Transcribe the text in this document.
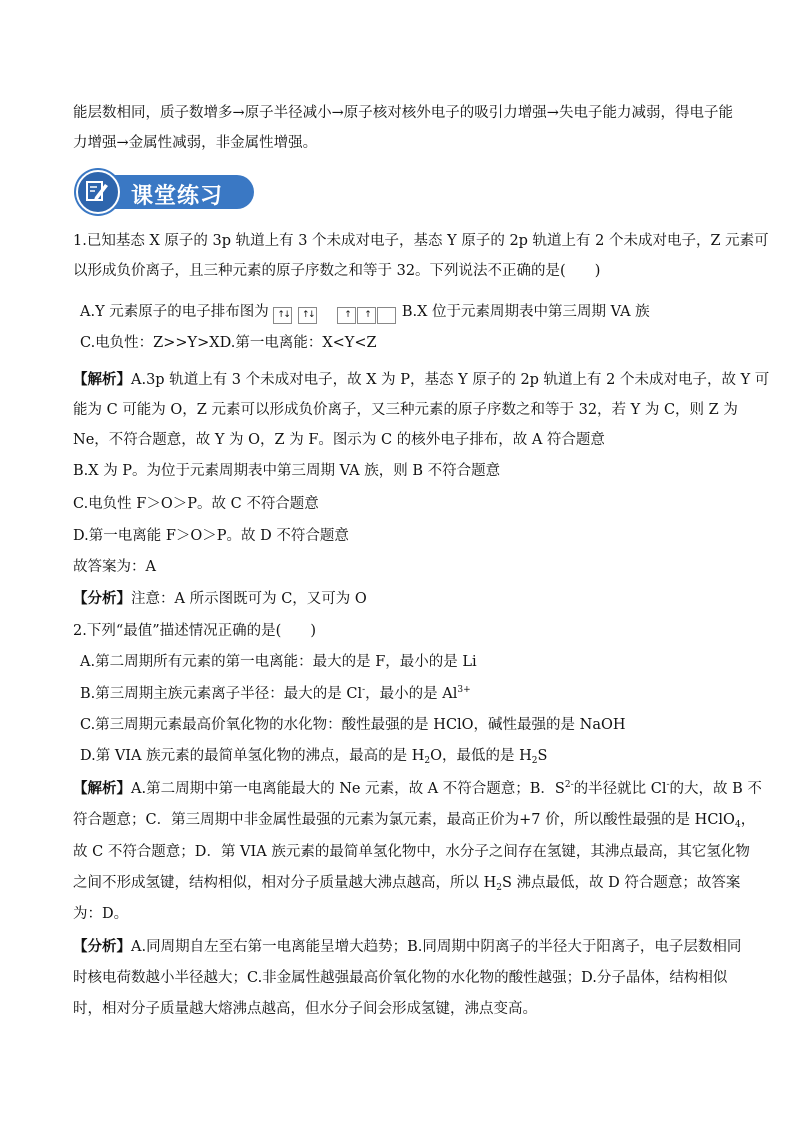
能层数相同，质子数增多→原子半径减小→原子核对核外电子的吸引力增强→失电子能力减弱，得电子能
力增强→金属性减弱，非金属性增强。
课堂练习
1.已知基态 X 原子的 3p 轨道上有 3 个未成对电子，基态 Y 原子的 2p 轨道上有 2 个未成对电子，Z 元素可
以形成负价离子，且三种元素的原子序数之和等于 32。下列说法不正确的是(　　)
A.Y 元素原子的电子排布图为 ↑
↓
↑
↓
	↑ ↑ B.X 位于元素周期表中第三周期 VA 族
C.电负性：Z>>Y>XD.第一电离能：X<Y<Z
【解析】A.3p 轨道上有 3 个未成对电子，故 X 为 P，基态 Y 原子的 2p 轨道上有 2 个未成对电子，故 Y 可
能为 C 可能为 O，Z 元素可以形成负价离子，又三种元素的原子序数之和等于 32，若 Y 为 C，则 Z 为
Ne，不符合题意，故 Y 为 O，Z 为 F。图示为 C 的核外电子排布，故 A 符合题意
B.X 为 P。为位于元素周期表中第三周期 VA 族，则 B 不符合题意
C.电负性 F＞O＞P。故 C 不符合题意
D.第一电离能 F＞O＞P。故 D 不符合题意
故答案为：A
【分析】注意：A 所示图既可为 C，又可为 O
2.下列“最值”描述情况正确的是(　　)
A.第二周期所有元素的第一电离能：最大的是 F，最小的是 Li
B.第三周期主族元素离子半径：最大的是 Cl-，最小的是 $Al^{3+}$
C.第三周期元素最高价氧化物的水化物：酸性最强的是 HClO，碱性最强的是 NaOH
D.第 VIA 族元素的最简单氢化物的沸点，最高的是 $H_2O$，最低的是 $H_2S$
【解析】A.第二周期中第一电离能最大的 Ne 元素，故 A 不符合题意；B．$S^{2-}$的半径就比 Cl-的大，故 B 不
符合题意；C．第三周期中非金属性最强的元素为氯元素，最高正价为+7 价，所以酸性最强的是 HClO$_4$，
故 C 不符合题意；D．第 VIA 族元素的最简单氢化物中，水分子之间存在氢键，其沸点最高，其它氢化物
之间不形成氢键，结构相似，相对分子质量越大沸点越高，所以 $H_2S$ 沸点最低，故 D 符合题意；故答案
为：D。
【分析】A.同周期自左至右第一电离能呈增大趋势；B.同周期中阴离子的半径大于阳离子，电子层数相同
时核电荷数越小半径越大；C.非金属性越强最高价氧化物的水化物的酸性越强；D.分子晶体，结构相似
时，相对分子质量越大熔沸点越高，但水分子间会形成氢键，沸点变高。
